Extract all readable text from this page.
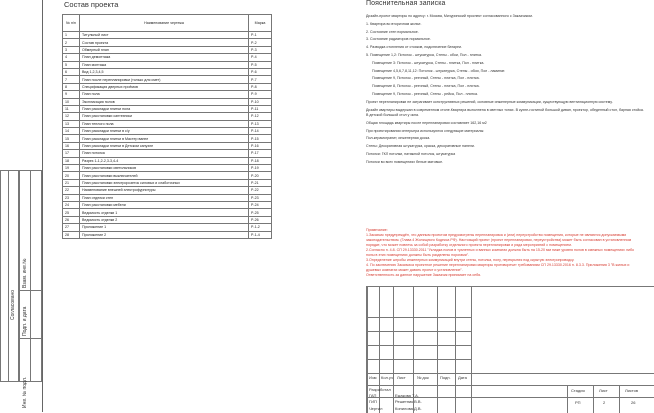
Согласовано
Взам. инв.№
Подп. и дата
Инв. № подл.
Состав проекта
№ п/п	Наименование чертежа	Марка
1	Титульный лист	Р-1
2	Состав проекта	Р-2
3	Обмерный план	Р-3
4	План демонтажа	Р-4
5	План монтажа	Р-5
6	Вид 1,2,3,4,5	Р-6
7	План после перепланировки (только для смет)	Р-7
8	Спецификация дверных проёмов	Р-8
9	План пола	Р-9
10	Экспликация полов	Р-10
11	План раскладки плитки пола	Р-11
12	План расстановки сантехники	Р-12
13	План теплого пола	Р-13
14	План раскладки плитки в с/у	Р-14
15	План раскладки плитки в Мастер ванне	Р-15
16	План раскладки плитки в Детском санузле	Р-16
17	План потолка	Р-17
18	Разрез 1-1,2-2,3-3,4-4	Р-18
19	План расстановки светильников	Р-19
20	План расстановки выключателей	Р-20
21	План расстановки электророзеток силовых и слаботочных	Р-21
22	Наименование внешней электрофурнитуры	Р-22
23	План отделки стен	Р-23
24	План расстановки мебели	Р-24
25	Ведомость отделки 1	Р-25
26	Ведомость отделки 2	Р-26
27	Приложение 1	Р-1-2
28	Приложение 2	Р-1-4
Пояснительная записка

Дизайн-проект квартиры по адресу: г. Москва, Мичуринский проспект согласованного с Заказчиком.

1. Квартира во вторичном жилье.

2. Состояние стен нормальное.

3. Состояние радиаторов нормальное.

4. Разводка отопления от стояков, подключение батареи.

5. Помещение 1,2: Потолок - штукатурка, Стены - обои, Пол - плитка.

Помещение 3: Потолок - штукатурка, Стены - плитка, Пол - плитка.

Помещение 4,5,6,7,8,11,12: Потолок - штукатурка, Стены - обои, Пол - ламинат.

Помещение 9, Потолок - реечный, Стены - плитка, Пол - плитка.

Помещение 8, Потолок - реечный, Стены - плитка, Пол - плитка.

Помещение 9, Потолок - реечный, Стены - рейка, Пол - плитка.

Проект перепланировки не затрагивает конструктивных решений, основные инженерные коммуникации, существующую вентиляционную систему.

Дизайн квартиры выдержан в современном стиле.Квартира выполнена в светлых тонах. В кухне-гостиной большой диван, проектор, обеденный стол, барная стойка. В детской большой стол у окна.

Общая площадь квартиры после перепланировки составляет 162,16 м2

При проектировании интерьера используются следующие материалы:

Пол-керамогранит, инженерная доска.

Стены: Декоративная штукатурка, краска, декоративные панели.

Потолки: ГКЛ потолки, натяжной потолок, штукатурка

Потолки во всех помещениях белые матовые.

Примечание:

1.Заказчик предупреждён, что данным проектом предусмотрены перепланировка и (или) переустройство помещения, которые не являются допускаемыми законодательством. (Глава 4 Жилищного Кодекса РФ). Настоящий проект (проект перепланировки, переустройства) может быть согласован в установленном порядке, что может повлечь за собой разработку отдельного проекта перепланировки и ряда мероприятий с помещением.

2.Согласно п. 4.8. СП 29.13330.2011 "Укладка полов в туалетных и ванных комнатах должна быть на 15-20 мм ниже уровня полов в смежных помещениях либо полы в этих помещениях должны быть разделены порогами".

3.Определение штробы инженерных коммуникаций внутри стены, потолка, полу, перекрытия под скрытую электропроводку.

4. По заключению Заказчика проектное решение перепланировки квартиры противоречит требованиям СП 29.13330.2016 п. 8.3.3. Приложения 3 "В жилых и душевых комнатах может давать проект и установление".

Ответственность за данное нарушение Заказчик принимает на себя.

Изм Кол.уч Лист	№ док	Подп. Дата
Разработал
ГАП	Ежакова Т.А.
ГИП	Решетник В.В.
Чертил	Конилова Д.В.
Стадия	Лист	Листов
РП	2	26
